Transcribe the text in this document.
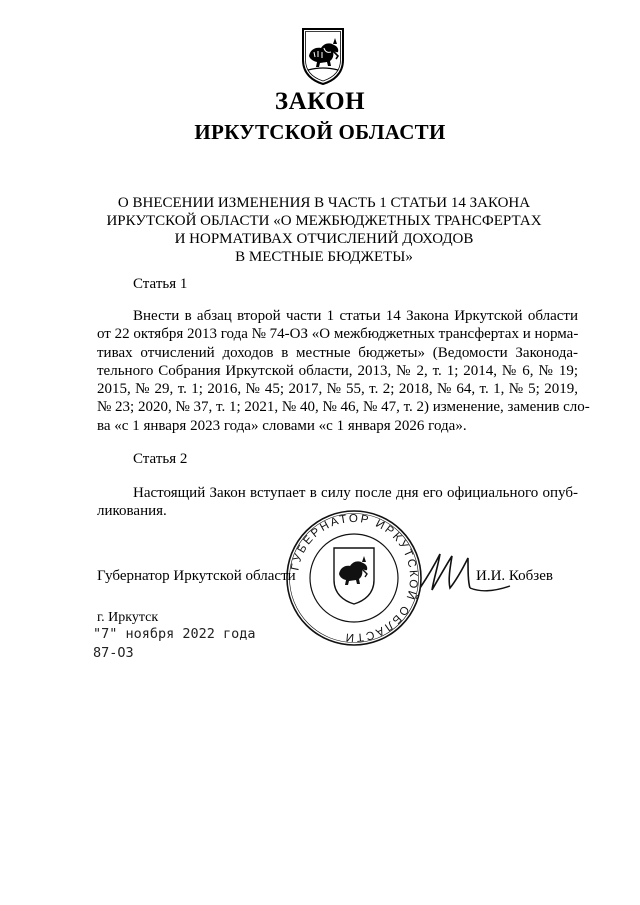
ЗАКОН
ИРКУТСКОЙ ОБЛАСТИ
О ВНЕСЕНИИ ИЗМЕНЕНИЯ В ЧАСТЬ 1 СТАТЬИ 14 ЗАКОНА
ИРКУТСКОЙ ОБЛАСТИ «О МЕЖБЮДЖЕТНЫХ ТРАНСФЕРТАХ
И НОРМАТИВАХ ОТЧИСЛЕНИЙ ДОХОДОВ
В МЕСТНЫЕ БЮДЖЕТЫ»
Статья 1
Внести в абзац второй части 1 статьи 14 Закона Иркутской области
от 22 октября 2013 года № 74-ОЗ «О межбюджетных трансфертах и норма-
тивах отчислений доходов в местные бюджеты» (Ведомости Законода-
тельного Собрания Иркутской области, 2013, № 2, т. 1; 2014, № 6, № 19;
2015, № 29, т. 1; 2016, № 45; 2017, № 55, т. 2; 2018, № 64, т. 1, № 5; 2019,
№ 23; 2020, № 37, т. 1; 2021, № 40, № 46, № 47, т. 2) изменение, заменив сло-
ва «с 1 января 2023 года» словами «с 1 января 2026 года».
Статья 2
Настоящий Закон вступает в силу после дня его официального опуб-
ликования.
ГУБЕРНАТОР ИРКУТСКОЙ ОБЛАСТИ
Губернатор Иркутской области	И.И. Кобзев
г. Иркутск
"7" ноября 2022 года
87-ОЗ
